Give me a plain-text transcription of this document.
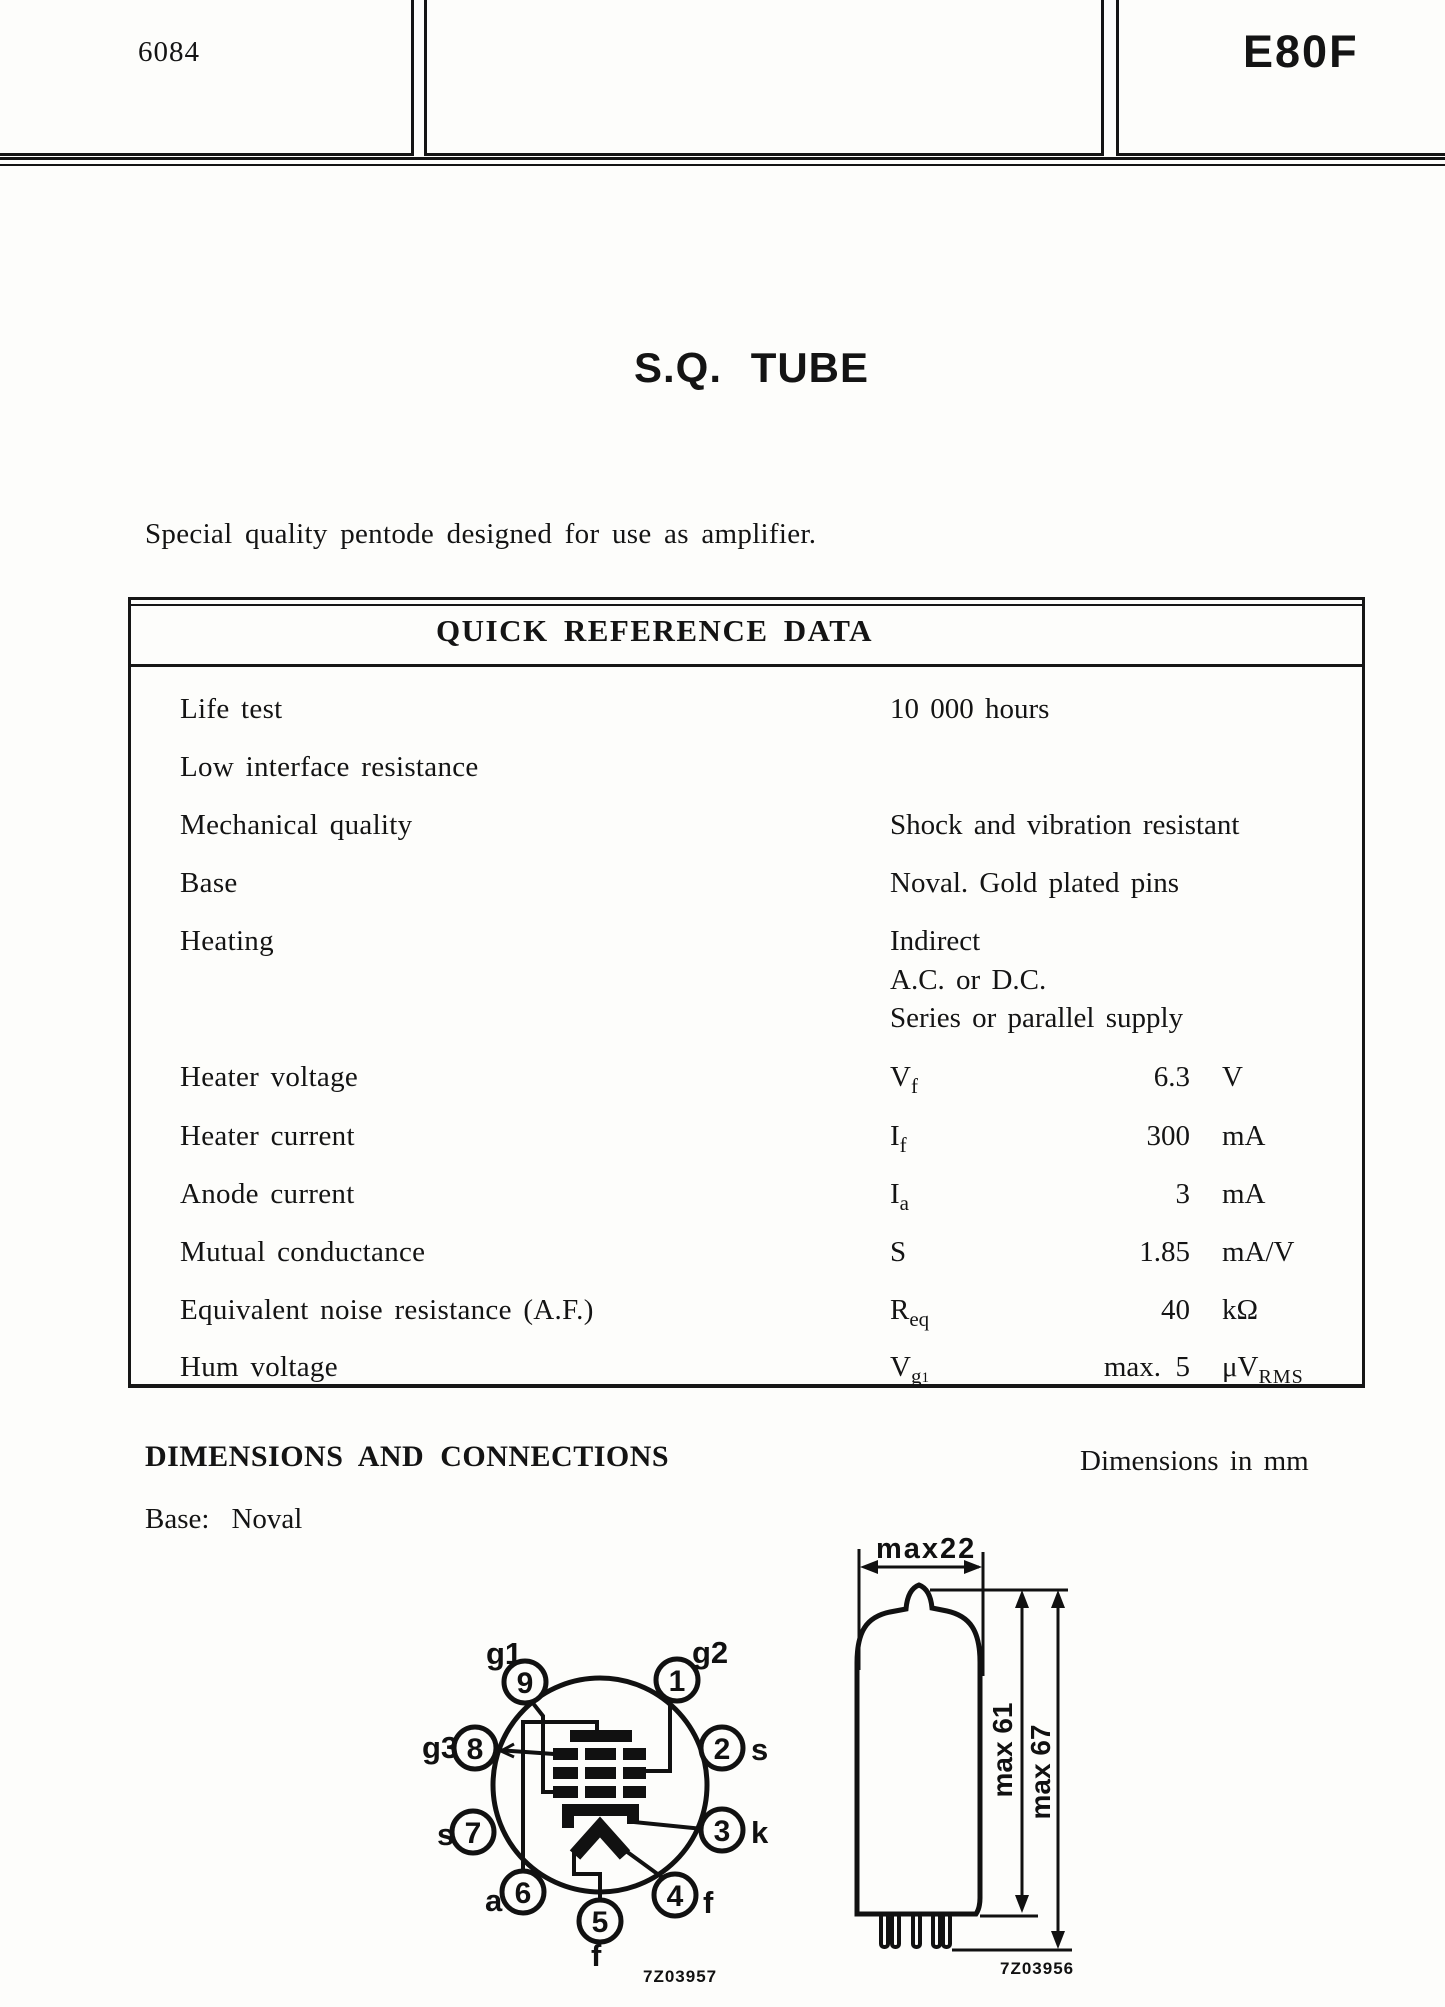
6084	E80F
S.Q. TUBE
Special quality pentode designed for use as amplifier.
QUICK REFERENCE DATA
Life test	10 000 hours
Low interface resistance
Mechanical quality	Shock and vibration resistant
Base	Noval. Gold plated pins
Heating	Indirect
A.C. or D.C.
Series or parallel supply
Heater voltage	$V_f$	6.3 V
Heater current	$I_f$	300 mA
Anode current	$I_a$	3 mA
Mutual conductance	S	1.85 mA/V
Equivalent noise resistance (A.F.)	$R_{eq}$	40 kΩ
Hum voltage	$V_{g1}$	max.  5 $\mu V_{RMS}$
DIMENSIONS AND CONNECTIONS	Dimensions in mm
Base: Noval
9	1
8	2
7	3
6	4
5
g1	g2
g3	s
s	k
a	f
f
7Z03957
max22
max 61 max 67
7Z03956
